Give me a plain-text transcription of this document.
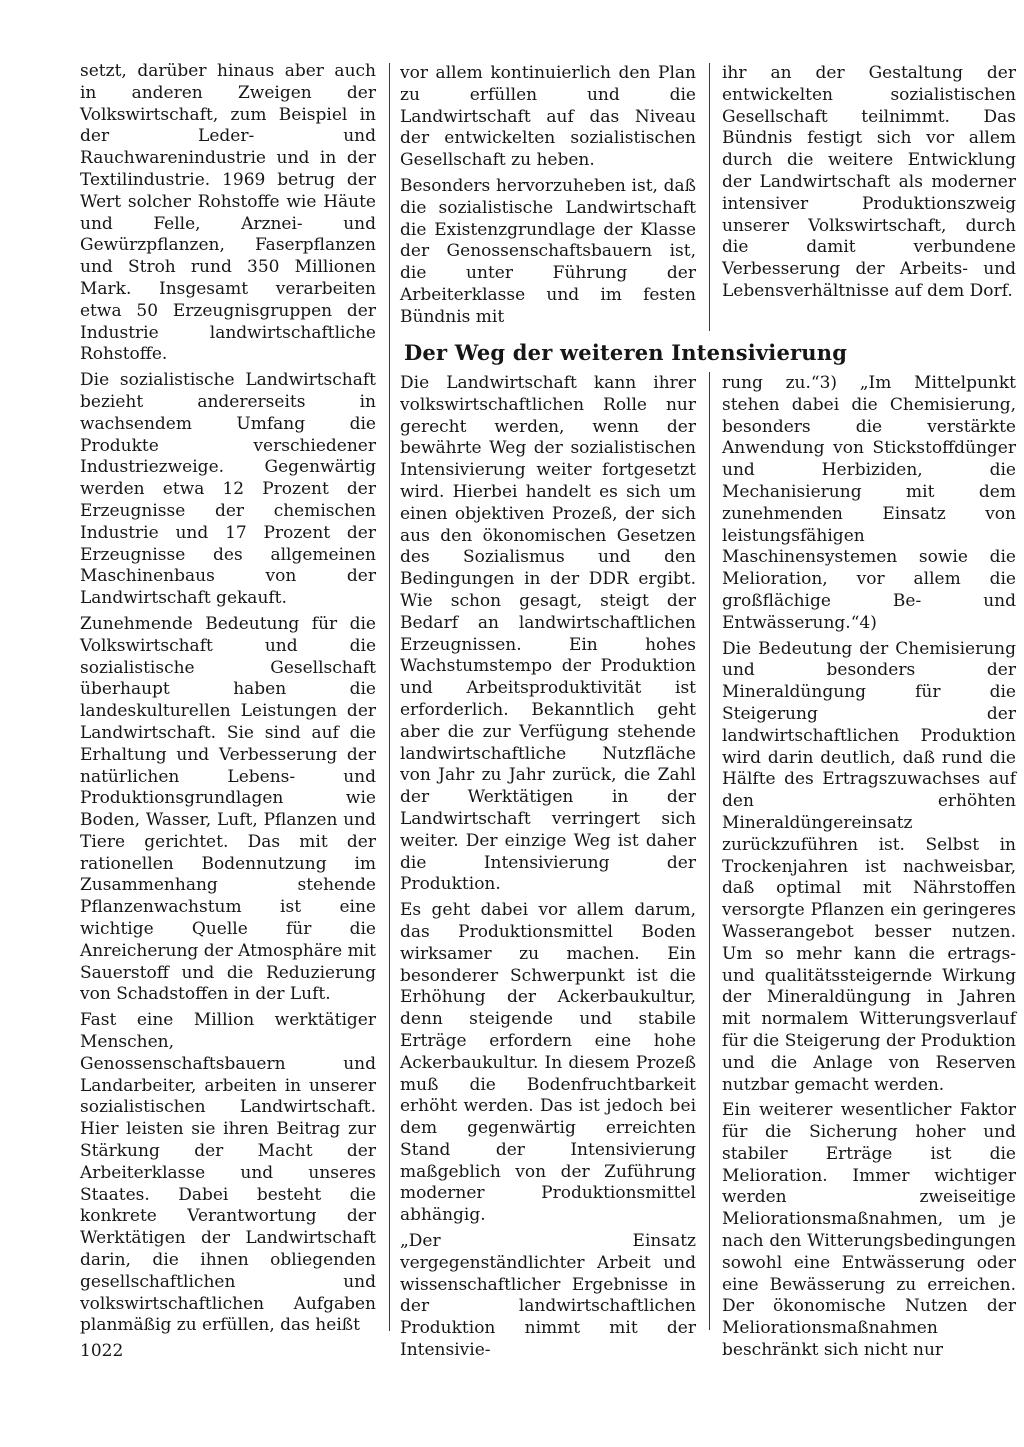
setzt, darüber hinaus aber auch in anderen Zweigen der Volkswirtschaft, zum Beispiel in der Leder- und Rauchwarenindustrie und in der Textilindustrie. 1969 betrug der Wert solcher Rohstoffe wie Häute und Felle, Arznei- und Gewürzpflanzen, Faserpflanzen und Stroh rund 350 Millionen Mark. Insgesamt verarbeiten etwa 50 Erzeugnisgruppen der Industrie landwirtschaftliche Rohstoffe.

Die sozialistische Landwirtschaft bezieht andererseits in wachsendem Umfang die Produkte verschiedener Industriezweige. Gegenwärtig werden etwa 12 Prozent der Erzeugnisse der chemischen Industrie und 17 Prozent der Erzeugnisse des allgemeinen Maschinenbaus von der Landwirtschaft gekauft.

Zunehmende Bedeutung für die Volkswirtschaft und die sozialistische Gesellschaft überhaupt haben die landeskulturellen Leistungen der Landwirtschaft. Sie sind auf die Erhaltung und Verbesserung der natürlichen Lebens- und Produktionsgrundlagen wie Boden, Wasser, Luft, Pflanzen und Tiere gerichtet. Das mit der rationellen Bodennutzung im Zusammenhang stehende Pflanzenwachstum ist eine wichtige Quelle für die Anreicherung der Atmosphäre mit Sauerstoff und die Reduzierung von Schadstoffen in der Luft.

Fast eine Million werktätiger Menschen, Genossenschaftsbauern und Landarbeiter, arbeiten in unserer sozialistischen Landwirtschaft. Hier leisten sie ihren Beitrag zur Stärkung der Macht der Arbeiterklasse und unseres Staates. Dabei besteht die konkrete Verantwortung der Werktätigen der Landwirtschaft darin, die ihnen obliegenden gesellschaftlichen und volkswirtschaftlichen Aufgaben planmäßig zu erfüllen, das heißt

vor allem kontinuierlich den Plan zu erfüllen und die Landwirtschaft auf das Niveau der entwickelten sozialistischen Gesellschaft zu heben.

Besonders hervorzuheben ist, daß die sozialistische Landwirtschaft die Existenzgrundlage der Klasse der Genossenschaftsbauern ist, die unter Führung der Arbeiterklasse und im festen Bündnis mit

ihr an der Gestaltung der entwickelten sozialistischen Gesellschaft teilnimmt. Das Bündnis festigt sich vor allem durch die weitere Entwicklung der Landwirtschaft als moderner intensiver Produktionszweig unserer Volkswirtschaft, durch die damit verbundene Verbesserung der Arbeits- und Lebensverhältnisse auf dem Dorf.

Der Weg der weiteren Intensivierung

Die Landwirtschaft kann ihrer volkswirtschaftlichen Rolle nur gerecht werden, wenn der bewährte Weg der sozialistischen Intensivierung weiter fortgesetzt wird. Hierbei handelt es sich um einen objektiven Prozeß, der sich aus den ökonomischen Gesetzen des Sozialismus und den Bedingungen in der DDR ergibt. Wie schon gesagt, steigt der Bedarf an landwirtschaftlichen Erzeugnissen. Ein hohes Wachstumstempo der Produktion und Arbeitsproduktivität ist erforderlich. Bekanntlich geht aber die zur Verfügung stehende landwirtschaftliche Nutzfläche von Jahr zu Jahr zurück, die Zahl der Werktätigen in der Landwirtschaft verringert sich weiter. Der einzige Weg ist daher die Intensivierung der Produktion.

Es geht dabei vor allem darum, das Produktionsmittel Boden wirksamer zu machen. Ein besonderer Schwerpunkt ist die Erhöhung der Ackerbaukultur, denn steigende und stabile Erträge erfordern eine hohe Ackerbaukultur. In diesem Prozeß muß die Bodenfruchtbarkeit erhöht werden. Das ist jedoch bei dem gegenwärtig erreichten Stand der Intensivierung maßgeblich von der Zuführung moderner Produktionsmittel abhängig.

„Der Einsatz vergegenständlichter Arbeit und wissenschaftlicher Ergebnisse in der landwirtschaftlichen Produktion nimmt mit der Intensivie-

rung zu.“3) „Im Mittelpunkt stehen dabei die Chemisierung, besonders die verstärkte Anwendung von Stickstoffdünger und Herbiziden, die Mechanisierung mit dem zunehmenden Einsatz von leistungsfähigen Maschinensystemen sowie die Melioration, vor allem die großflächige Be- und Entwässerung.“4)

Die Bedeutung der Chemisierung und besonders der Mineraldüngung für die Steigerung der landwirtschaftlichen Produktion wird darin deutlich, daß rund die Hälfte des Ertragszuwachses auf den erhöhten Mineraldüngereinsatz zurückzuführen ist. Selbst in Trockenjahren ist nachweisbar, daß optimal mit Nährstoffen versorgte Pflanzen ein geringeres Wasserangebot besser nutzen. Um so mehr kann die ertrags- und qualitätssteigernde Wirkung der Mineraldüngung in Jahren mit normalem Witterungsverlauf für die Steigerung der Produktion und die Anlage von Reserven nutzbar gemacht werden.

Ein weiterer wesentlicher Faktor für die Sicherung hoher und stabiler Erträge ist die Melioration. Immer wichtiger werden zweiseitige Meliorationsmaßnahmen, um je nach den Witterungsbedingungen sowohl eine Entwässerung oder eine Bewässerung zu erreichen. Der ökonomische Nutzen der Meliorationsmaßnahmen beschränkt sich nicht nur

1022
